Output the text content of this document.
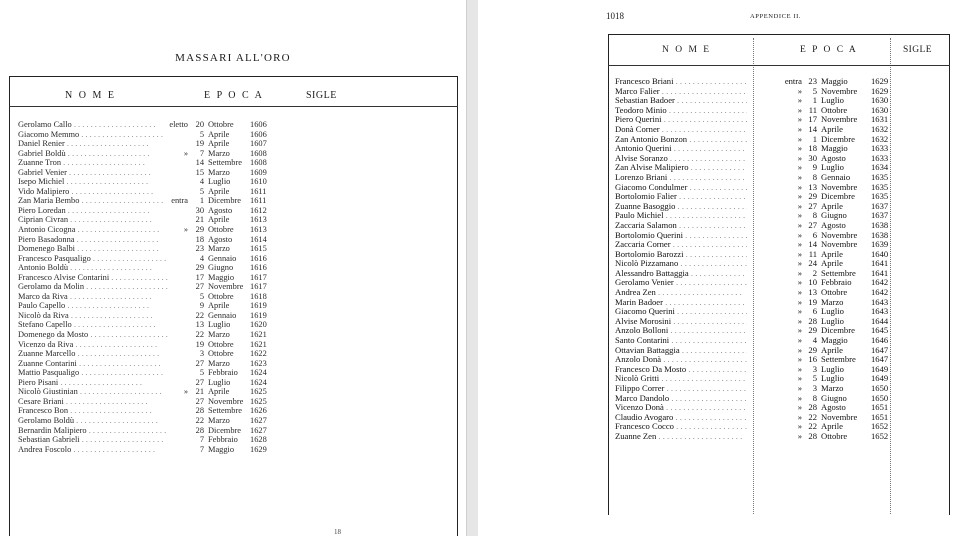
MASSARI ALL'ORO
N O M E	E P O C A	SIGLE
Gerolamo Callo . . .	eletto 20 Ottobre 1606
Giacomo Memmo . . .	5 Aprile 1606
Daniel Renier . . .	19 Aprile 1607
Gabriel Boldù . . .	»	7 Marzo 1608
Zuanne Tron . . .	14 Settembre 1608
Gabriel Venier . . .	15 Marzo 1609
Isepo Michiel . . .	4 Luglio 1610
Vido Malipiero . . .	5 Aprile 1611
Zan Maria Bembo . . .	entra	1 Dicembre 1611
Piero Loredan . . .	30 Agosto 1612
Ciprian Civran . . .	21 Aprile 1613
Antonio Cicogna . . .	» 29 Ottobre 1613
Piero Basadonna . . .	18 Agosto 1614
Domenego Balbi . . .	23 Marzo 1615
Francesco Pasqualigo . . .	4 Gennaio 1616
Antonio Boldù . . .	29 Giugno 1616
Francesco Alvise Contarini . . .	17 Maggio 1617
Gerolamo da Molin . . .	27 Novembre 1617
Marco da Riva . . .	5 Ottobre 1618
Paulo Capello . . .	9 Aprile 1619
Nicolò da Riva . . .	22 Gennaio 1619
Stefano Capello . . .	13 Luglio 1620
Domenego da Mosto . . .	22 Marzo 1621
Vicenzo da Riva . . .	19 Ottobre 1621
Zuanne Marcello . . .	3 Ottobre 1622
Zuanne Contarini . . .	27 Marzo 1623
Mattio Pasqualigo . . .	5 Febbraio 1624
Piero Pisani . . .	27 Luglio 1624
Nicolò Giustinian . . .	» 21 Aprile 1625
Cesare Briani . . .	27 Novembre 1625
Francesco Bon . . .	28 Settembre 1626
Gerolamo Boldù . . .	22 Marzo 1627
Bernardin Malipiero . . .	28 Dicembre 1627
Sebastian Gabrieli . . .	7 Febbraio 1628
Andrea Foscolo . . .	7 Maggio 1629
18
1018	APPENDICE II.
N O M E	E P O C A	SIGLE
Francesco Briani . . .	entra 23 Maggio	1629
Marco Falier . . .	»	5 Novembre 1629
Sebastian Badoer . . .	»	1 Luglio	1630
Teodoro Minio . . .	» 11 Ottobre	1630
Piero Querini . . .	» 17 Novembre 1631
Donà Corner . . .	» 14 Aprile	1632
Zan Antonio Bonzon . . .	»	1 Dicembre 1632
Antonio Querini . . .	» 18 Maggio	1633
Alvise Soranzo . . .	» 30 Agosto	1633
Zan Alvise Malipiero . . .	»	9 Luglio	1634
Lorenzo Briani . . .	»	8 Gennaio 1635
Giacomo Condulmer . . .	» 13 Novembre 1635
Bortolomio Falier . . .	» 29 Dicembre 1635
Zuanne Basoggio . . .	» 27 Aprile	1637
Paulo Michiel . . .	»	8 Giugno	1637
Zaccaria Salamon . . .	» 27 Agosto	1638
Bortolomio Querini . . .	»	6 Novembre 1638
Zaccaria Corner . . .	» 14 Novembre 1639
Bortolomio Barozzi . . .	» 11 Aprile	1640
Nicolò Pizzamano . . .	» 24 Aprile	1641
Alessandro Battaggia . . .	»	2 Settembre 1641
Gerolamo Venier . . .	» 10 Febbraio 1642
Andrea Zen . . .	» 13 Ottobre	1642
Marin Badoer . . .	» 19 Marzo	1643
Giacomo Querini . . .	»	6 Luglio	1643
Alvise Morosini . . .	» 28 Luglio	1644
Anzolo Bolloni . . .	» 29 Dicembre 1645
Santo Contarini . . .	»	4 Maggio	1646
Ottavian Battaggia . . .	» 29 Aprile	1647
Anzolo Donà . . .	» 16 Settembre 1647
Francesco Da Mosto . . .	»	3 Luglio	1649
Nicolò Gritti . . .	»	5 Luglio	1649
Filippo Correr . . .	»	3 Marzo	1650
Marco Dandolo . . .	»	8 Giugno	1650
Vicenzo Donà . . .	» 28 Agosto	1651
Claudio Avogaro . . .	» 22 Novembre 1651
Francesco Cocco . . .	» 22 Aprile	1652
Zuanne Zen . . .	» 28 Ottobre	1652
